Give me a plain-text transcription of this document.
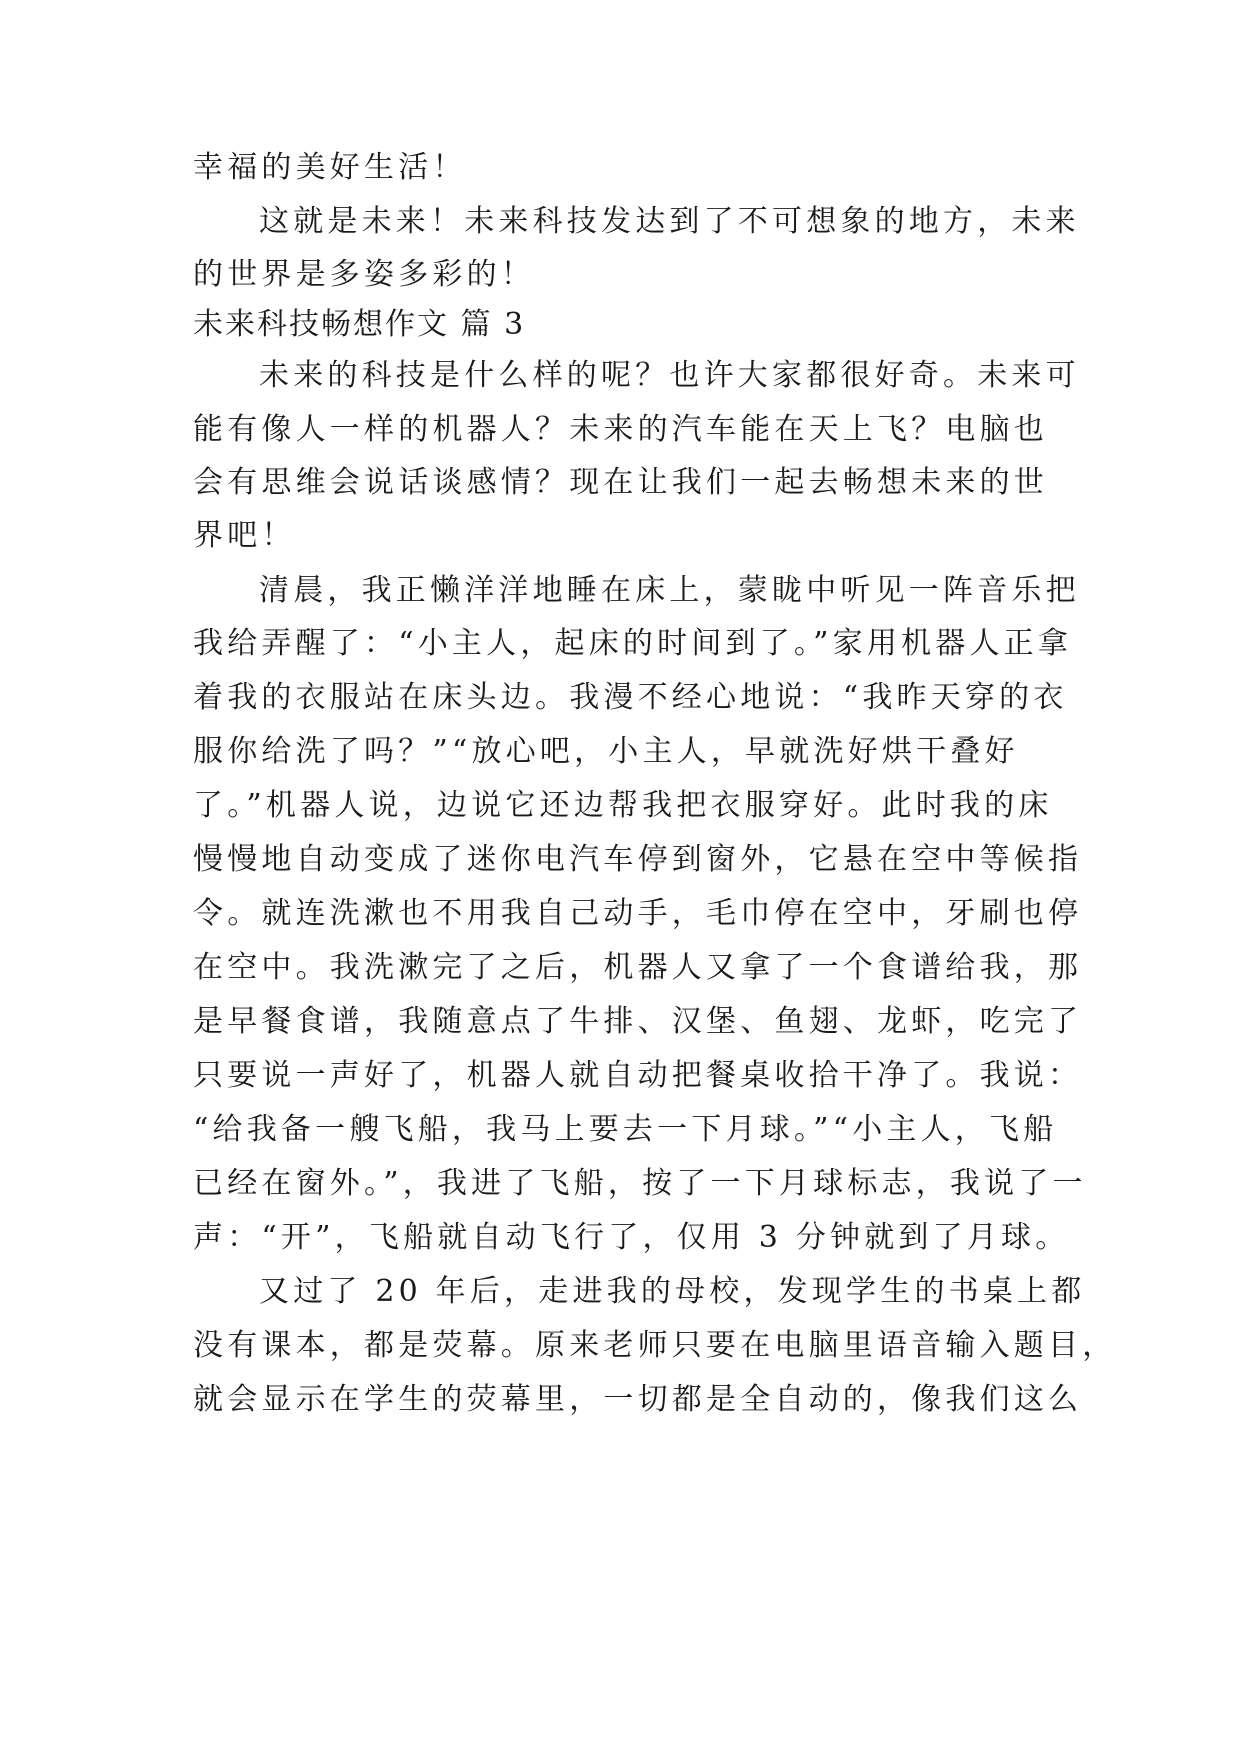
幸福的美好生活！
这就是未来！未来科技发达到了不可想象的地方，未来
的世界是多姿多彩的！
未来科技畅想作文 篇 3
未来的科技是什么样的呢？也许大家都很好奇。未来可
能有像人一样的机器人？未来的汽车能在天上飞？电脑也
会有思维会说话谈感情？现在让我们一起去畅想未来的世
界吧！
清晨，我正懒洋洋地睡在床上，蒙眬中听见一阵音乐把
我给弄醒了：“小主人，起床的时间到了。”家用机器人正拿
着我的衣服站在床头边。我漫不经心地说：“我昨天穿的衣
服你给洗了吗？”“放心吧，小主人，早就洗好烘干叠好
了。”机器人说，边说它还边帮我把衣服穿好。此时我的床
慢慢地自动变成了迷你电汽车停到窗外，它悬在空中等候指
令。就连洗漱也不用我自己动手，毛巾停在空中，牙刷也停
在空中。我洗漱完了之后，机器人又拿了一个食谱给我，那
是早餐食谱，我随意点了牛排、汉堡、鱼翅、龙虾，吃完了
只要说一声好了，机器人就自动把餐桌收拾干净了。我说：
“给我备一艘飞船，我马上要去一下月球。”“小主人，飞船
已经在窗外。”，我进了飞船，按了一下月球标志，我说了一
声：“开”，飞船就自动飞行了，仅用 3 分钟就到了月球。
又过了 20 年后，走进我的母校，发现学生的书桌上都
没有课本，都是荧幕。原来老师只要在电脑里语音输入题目，
就会显示在学生的荧幕里，一切都是全自动的，像我们这么
